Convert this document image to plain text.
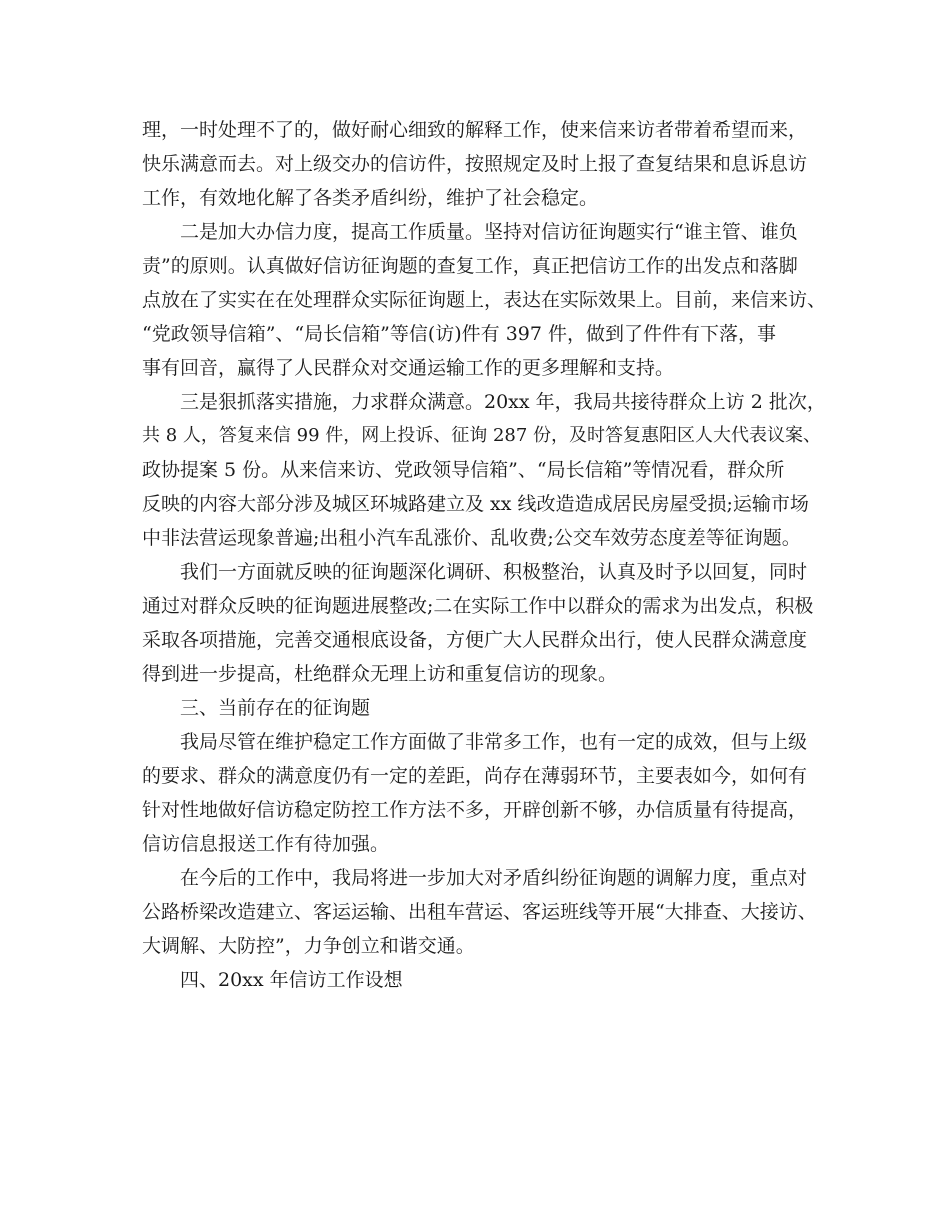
理，一时处理不了的，做好耐心细致的解释工作，使来信来访者带着希望而来，
快乐满意而去。对上级交办的信访件，按照规定及时上报了查复结果和息诉息访
工作，有效地化解了各类矛盾纠纷，维护了社会稳定。
二是加大办信力度，提高工作质量。坚持对信访征询题实行“谁主管、谁负
责”的原则。认真做好信访征询题的查复工作，真正把信访工作的出发点和落脚
点放在了实实在在处理群众实际征询题上，表达在实际效果上。目前，来信来访、
“党政领导信箱”、“局长信箱”等信(访)件有 397 件，做到了件件有下落，事
事有回音，赢得了人民群众对交通运输工作的更多理解和支持。
三是狠抓落实措施，力求群众满意。20xx 年，我局共接待群众上访 2 批次，
共 8 人，答复来信 99 件，网上投诉、征询 287 份，及时答复惠阳区人大代表议案、
政协提案 5 份。从来信来访、党政领导信箱”、“局长信箱”等情况看，群众所
反映的内容大部分涉及城区环城路建立及 xx 线改造造成居民房屋受损;运输市场
中非法营运现象普遍;出租小汽车乱涨价、乱收费;公交车效劳态度差等征询题。
我们一方面就反映的征询题深化调研、积极整治，认真及时予以回复，同时
通过对群众反映的征询题进展整改;二在实际工作中以群众的需求为出发点，积极
采取各项措施，完善交通根底设备，方便广大人民群众出行，使人民群众满意度
得到进一步提高，杜绝群众无理上访和重复信访的现象。
三、当前存在的征询题
我局尽管在维护稳定工作方面做了非常多工作，也有一定的成效，但与上级
的要求、群众的满意度仍有一定的差距，尚存在薄弱环节，主要表如今，如何有
针对性地做好信访稳定防控工作方法不多，开辟创新不够，办信质量有待提高，
信访信息报送工作有待加强。
在今后的工作中，我局将进一步加大对矛盾纠纷征询题的调解力度，重点对
公路桥梁改造建立、客运运输、出租车营运、客运班线等开展“大排查、大接访、
大调解、大防控”，力争创立和谐交通。
四、20xx 年信访工作设想
